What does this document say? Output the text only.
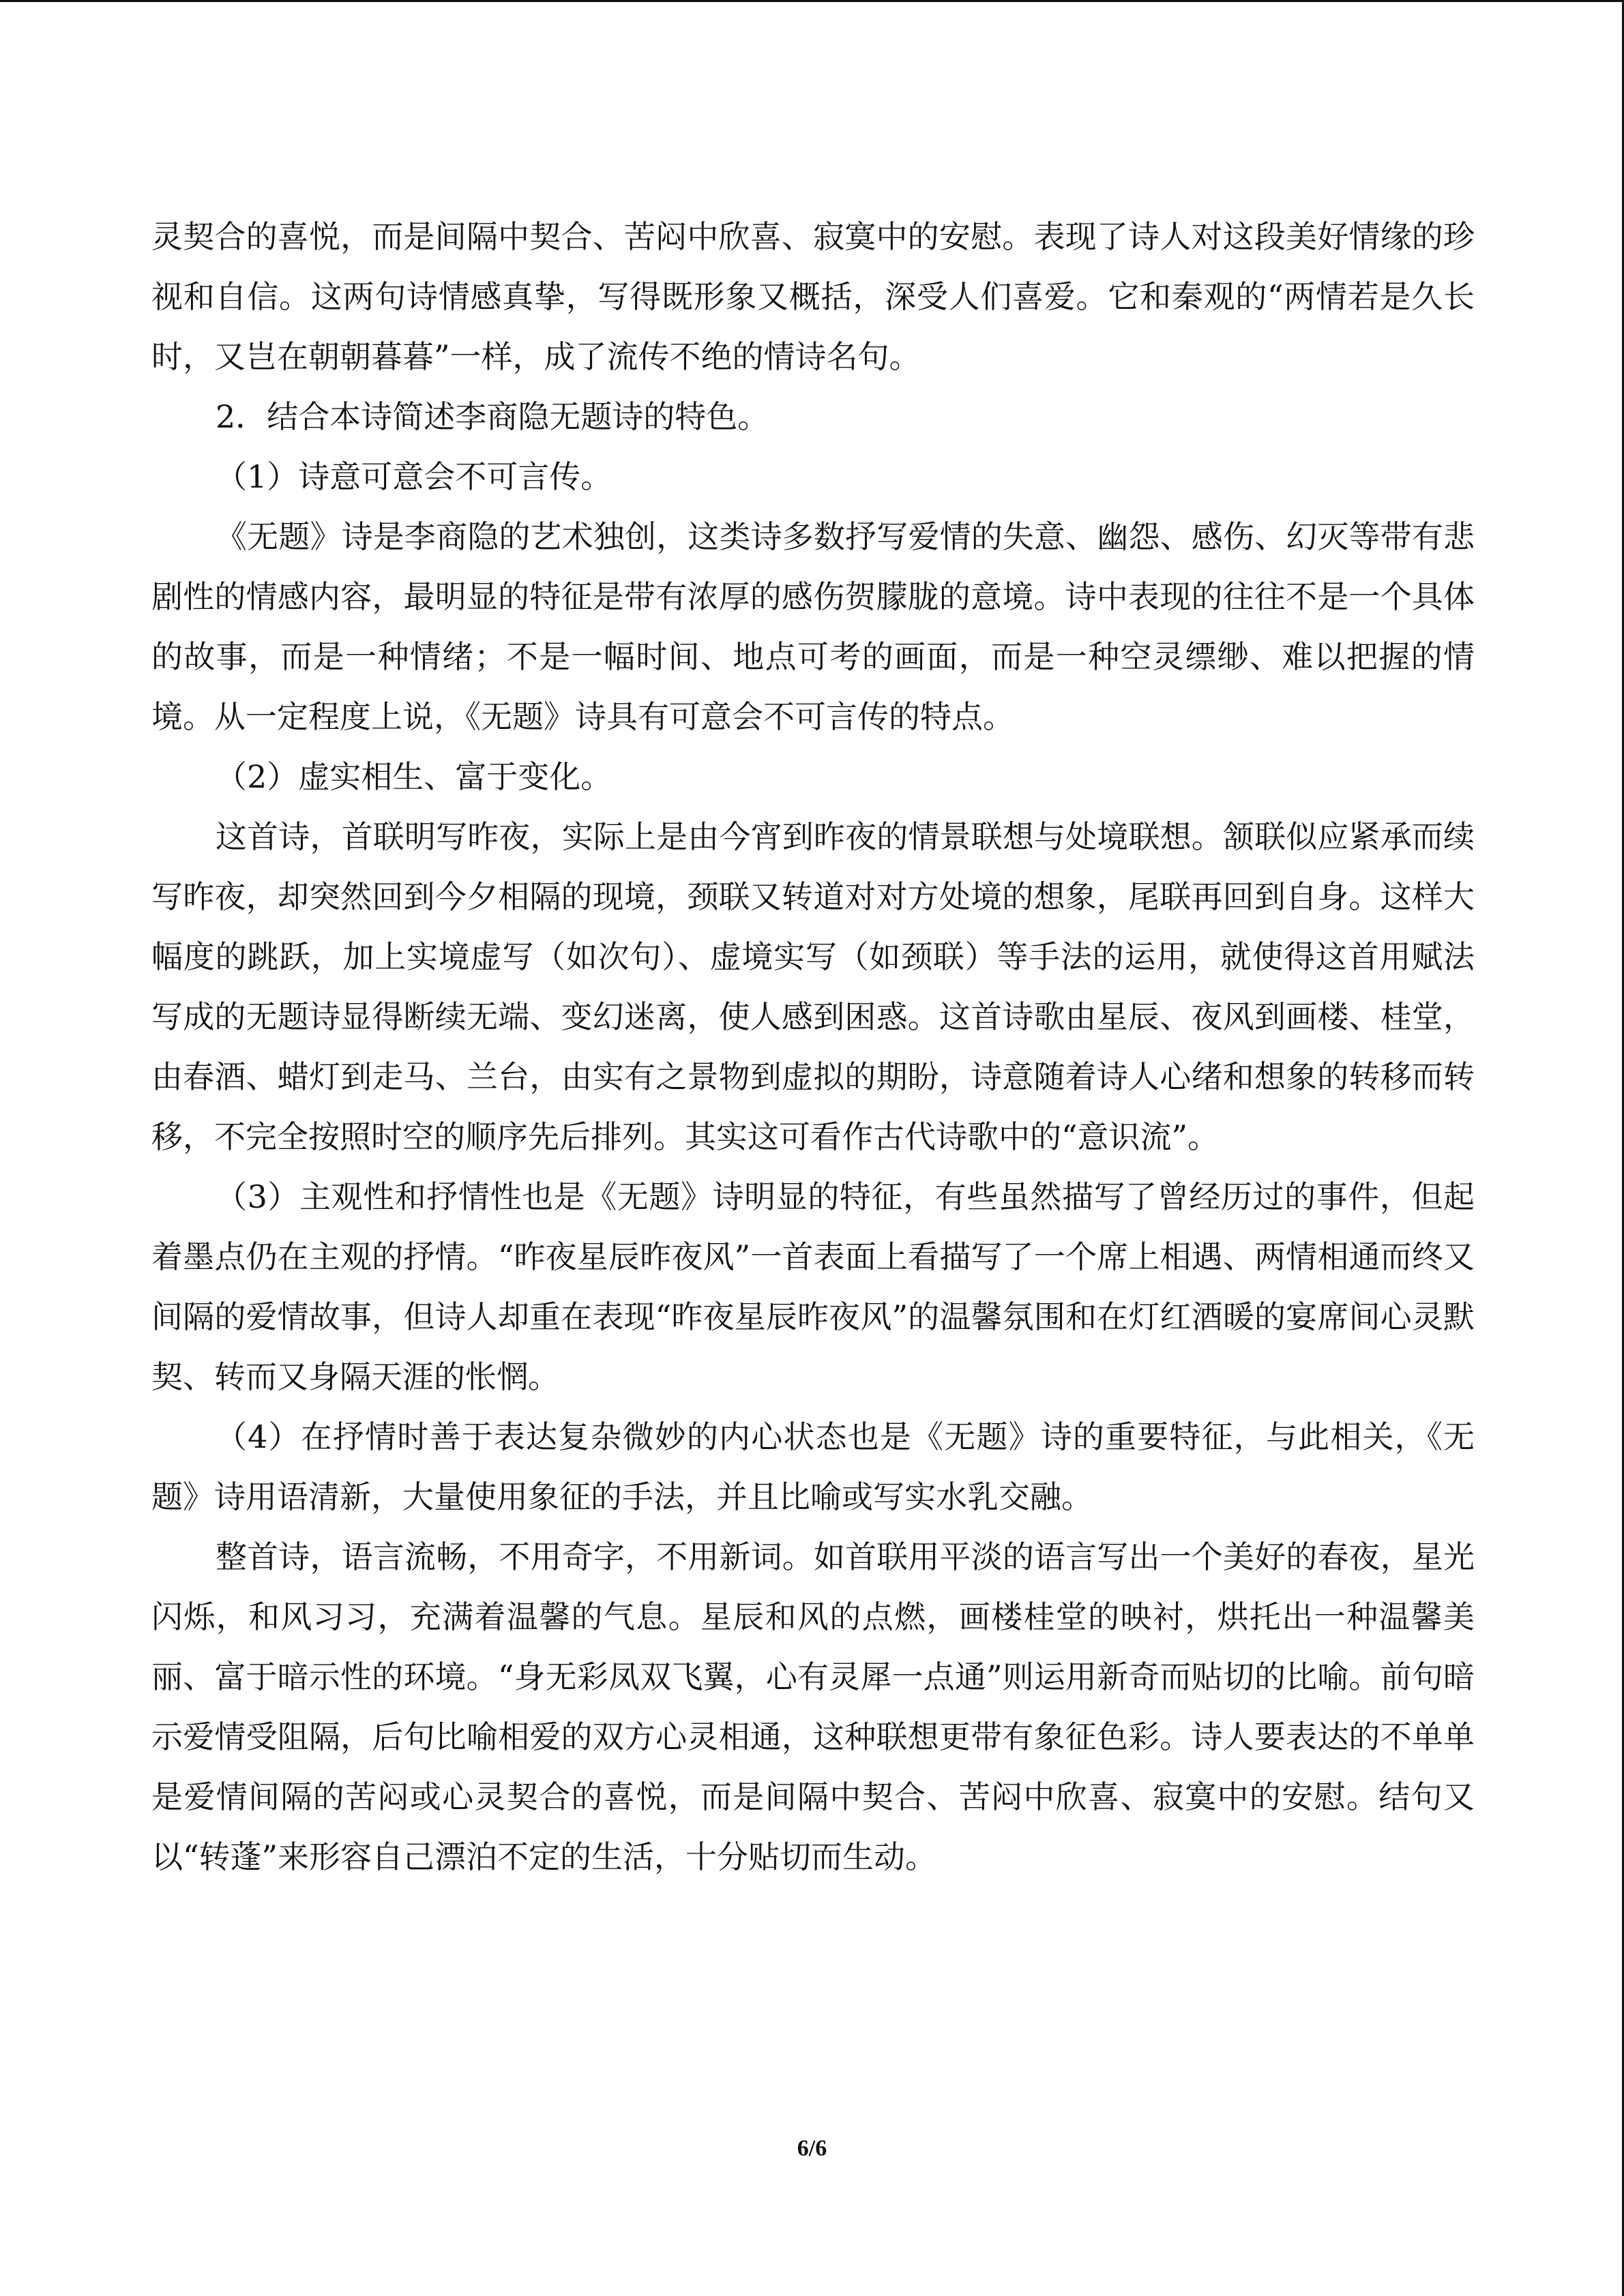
灵契合的喜悦，而是间隔中契合、苦闷中欣喜、寂寞中的安慰。表现了诗人对这段美好情缘的珍视和自信。这两句诗情感真挚，写得既形象又概括，深受人们喜爱。它和秦观的“两情若是久长时，又岂在朝朝暮暮”一样，成了流传不绝的情诗名句。

2．结合本诗简述李商隐无题诗的特色。

（1）诗意可意会不可言传。

《无题》诗是李商隐的艺术独创，这类诗多数抒写爱情的失意、幽怨、感伤、幻灭等带有悲剧性的情感内容，最明显的特征是带有浓厚的感伤贺朦胧的意境。诗中表现的往往不是一个具体的故事，而是一种情绪；不是一幅时间、地点可考的画面，而是一种空灵缥缈、难以把握的情境。从一定程度上说，《无题》诗具有可意会不可言传的特点。

（2）虚实相生、富于变化。

这首诗，首联明写昨夜，实际上是由今宵到昨夜的情景联想与处境联想。颔联似应紧承而续写昨夜，却突然回到今夕相隔的现境，颈联又转道对对方处境的想象，尾联再回到自身。这样大幅度的跳跃，加上实境虚写（如次句）、虚境实写（如颈联）等手法的运用，就使得这首用赋法写成的无题诗显得断续无端、变幻迷离，使人感到困惑。这首诗歌由星辰、夜风到画楼、桂堂，由春酒、蜡灯到走马、兰台，由实有之景物到虚拟的期盼，诗意随着诗人心绪和想象的转移而转移，不完全按照时空的顺序先后排列。其实这可看作古代诗歌中的“意识流”。

（3）主观性和抒情性也是《无题》诗明显的特征，有些虽然描写了曾经历过的事件，但起着墨点仍在主观的抒情。“昨夜星辰昨夜风”一首表面上看描写了一个席上相遇、两情相通而终又间隔的爱情故事，但诗人却重在表现“昨夜星辰昨夜风”的温馨氛围和在灯红酒暖的宴席间心灵默契、转而又身隔天涯的怅惘。

（4）在抒情时善于表达复杂微妙的内心状态也是《无题》诗的重要特征，与此相关，《无题》诗用语清新，大量使用象征的手法，并且比喻或写实水乳交融。

整首诗，语言流畅，不用奇字，不用新词。如首联用平淡的语言写出一个美好的春夜，星光闪烁，和风习习，充满着温馨的气息。星辰和风的点燃，画楼桂堂的映衬，烘托出一种温馨美丽、富于暗示性的环境。“身无彩凤双飞翼，心有灵犀一点通”则运用新奇而贴切的比喻。前句暗示爱情受阻隔，后句比喻相爱的双方心灵相通，这种联想更带有象征色彩。诗人要表达的不单单是爱情间隔的苦闷或心灵契合的喜悦，而是间隔中契合、苦闷中欣喜、寂寞中的安慰。结句又以“转蓬”来形容自己漂泊不定的生活，十分贴切而生动。

6/6
